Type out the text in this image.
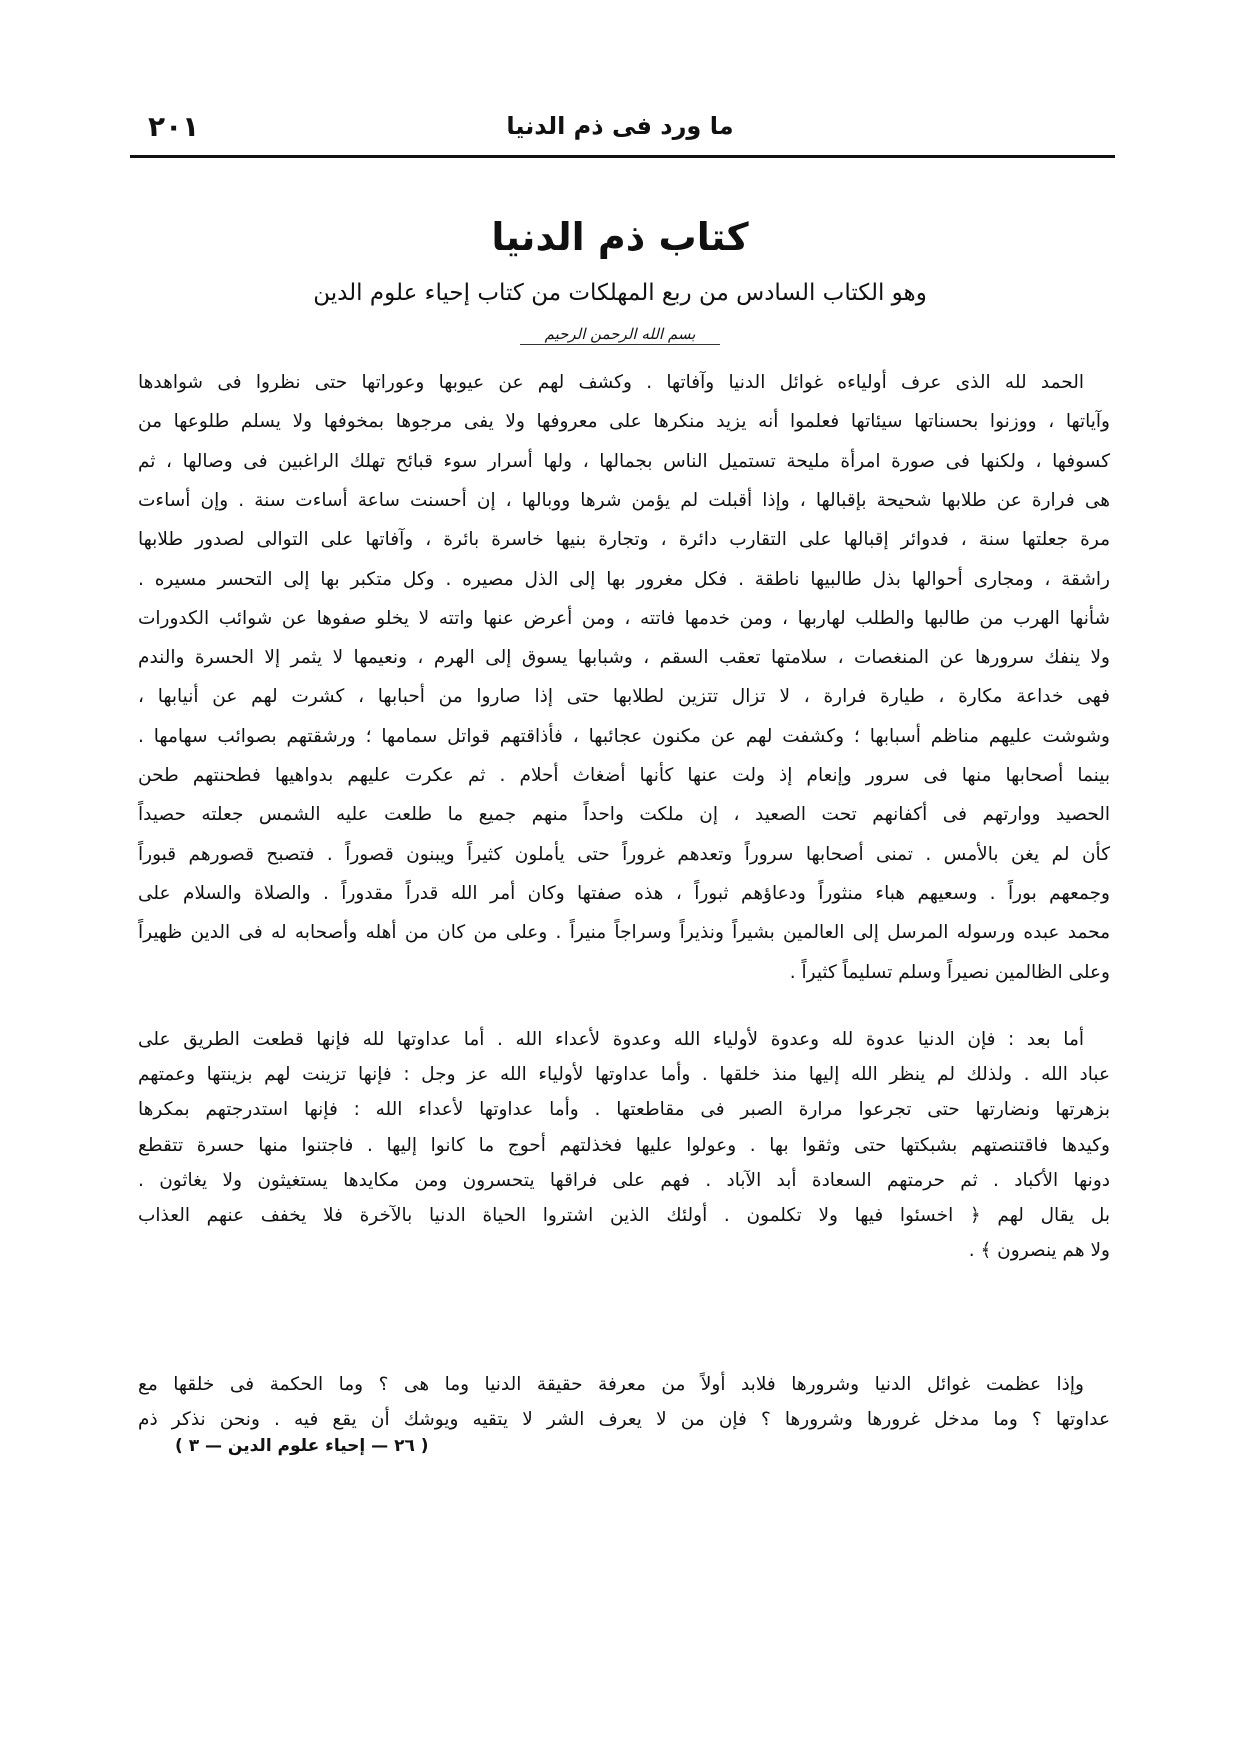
٢٠١	ما ورد فى ذم الدنيا
كتاب ذم الدنيا
وهو الكتاب السادس من ربع المهلكات من كتاب إحياء علوم الدين
بسم الله الرحمن الرحيم
الحمد لله الذى عرف أولياءه غوائل الدنيا وآفاتها . وكشف لهم عن عيوبها وعوراتها حتى نظروا فى شواهدها
وآياتها ، ووزنوا بحسناتها سيئاتها فعلموا أنه يزيد منكرها على معروفها ولا يفى مرجوها بمخوفها ولا يسلم طلوعها من
كسوفها ، ولكنها فى صورة امرأة مليحة تستميل الناس بجمالها ، ولها أسرار سوء قبائح تهلك الراغبين فى وصالها ، ثم
هى فرارة عن طلابها شحيحة بإقبالها ، وإذا أقبلت لم يؤمن شرها ووبالها ، إن أحسنت ساعة أساءت سنة . وإن أساءت
مرة جعلتها سنة ، فدوائر إقبالها على التقارب دائرة ، وتجارة بنيها خاسرة بائرة ، وآفاتها على التوالى لصدور طلابها
راشقة ، ومجارى أحوالها بذل طالبيها ناطقة . فكل مغرور بها إلى الذل مصيره . وكل متكبر بها إلى التحسر مسيره .
شأنها الهرب من طالبها والطلب لهاربها ، ومن خدمها فاتته ، ومن أعرض عنها واتته لا يخلو صفوها عن شوائب الكدورات
ولا ينفك سرورها عن المنغصات ، سلامتها تعقب السقم ، وشبابها يسوق إلى الهرم ، ونعيمها لا يثمر إلا الحسرة والندم
فهى خداعة مكارة ، طيارة فرارة ، لا تزال تتزين لطلابها حتى إذا صاروا من أحبابها ، كشرت لهم عن أنيابها ،
وشوشت عليهم مناظم أسبابها ؛ وكشفت لهم عن مكنون عجائبها ، فأذاقتهم قواتل سمامها ؛ ورشقتهم بصوائب سهامها .
بينما أصحابها منها فى سرور وإنعام إذ ولت عنها كأنها أضغاث أحلام . ثم عكرت عليهم بدواهيها فطحنتهم طحن
الحصيد ووارتهم فى أكفانهم تحت الصعيد ، إن ملكت واحداً منهم جميع ما طلعت عليه الشمس جعلته حصيداً
كأن لم يغن بالأمس . تمنى أصحابها سروراً وتعدهم غروراً حتى يأملون كثيراً ويبنون قصوراً . فتصبح قصورهم قبوراً
وجمعهم بوراً . وسعيهم هباء منثوراً ودعاؤهم ثبوراً ، هذه صفتها وكان أمر الله قدراً مقدوراً . والصلاة والسلام على
محمد عبده ورسوله المرسل إلى العالمين بشيراً ونذيراً وسراجاً منيراً . وعلى من كان من أهله وأصحابه له فى الدين ظهيراً
وعلى الظالمين نصيراً وسلم تسليماً كثيراً .
أما بعد : فإن الدنيا عدوة لله وعدوة لأولياء الله وعدوة لأعداء الله . أما عداوتها لله فإنها قطعت الطريق على
عباد الله . ولذلك لم ينظر الله إليها منذ خلقها . وأما عداوتها لأولياء الله عز وجل : فإنها تزينت لهم بزينتها وعمتهم
بزهرتها ونضارتها حتى تجرعوا مرارة الصبر فى مقاطعتها . وأما عداوتها لأعداء الله : فإنها استدرجتهم بمكرها
وكيدها فاقتنصتهم بشبكتها حتى وثقوا بها . وعولوا عليها فخذلتهم أحوج ما كانوا إليها . فاجتنوا منها حسرة تتقطع
دونها الأكباد . ثم حرمتهم السعادة أبد الآباد . فهم على فراقها يتحسرون ومن مكايدها يستغيثون ولا يغاثون .
بل يقال لهم ﴿ اخسئوا فيها ولا تكلمون . أولئك الذين اشتروا الحياة الدنيا بالآخرة فلا يخفف عنهم العذاب
ولا هم ينصرون ﴾ .
وإذا عظمت غوائل الدنيا وشرورها فلابد أولاً من معرفة حقيقة الدنيا وما هى ؟ وما الحكمة فى خلقها مع
عداوتها ؟ وما مدخل غرورها وشرورها ؟ فإن من لا يعرف الشر لا يتقيه ويوشك أن يقع فيه . ونحن نذكر ذم
( ٢٦ — إحياء علوم الدين — ٣ )
